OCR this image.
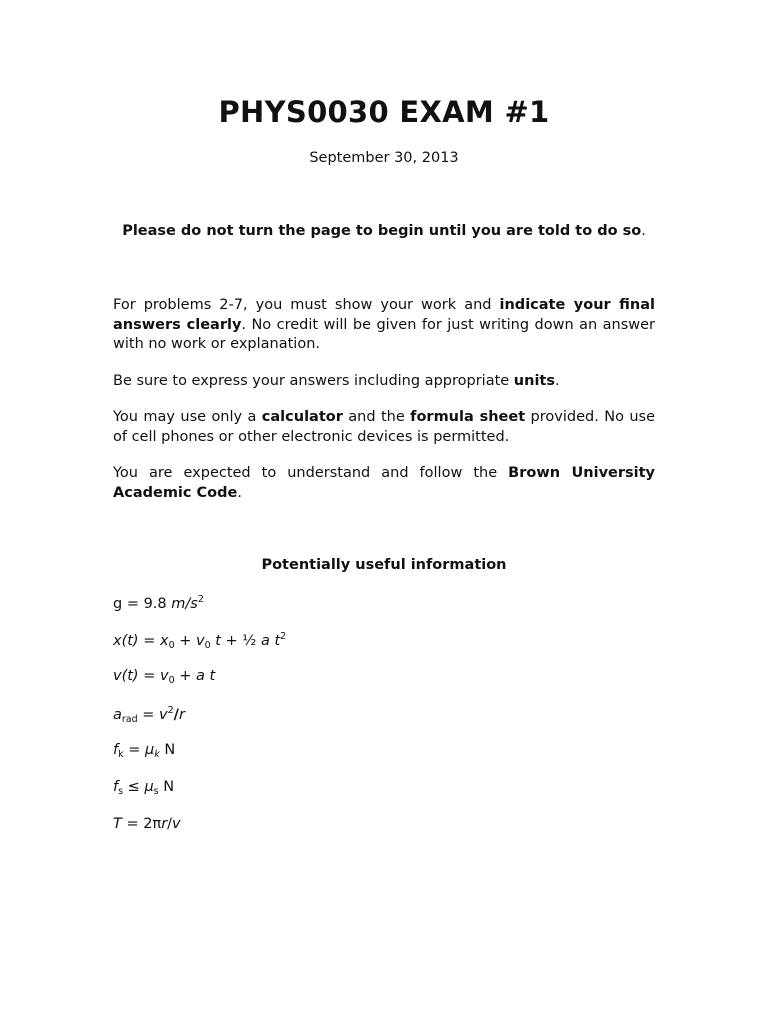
PHYS0030 EXAM #1
September 30, 2013
Please do not turn the page to begin until you are told to do so.
For problems 2-7, you must show your work and indicate your final answers clearly. No credit will be given for just writing down an answer with no work or explanation.
Be sure to express your answers including appropriate units.
You may use only a calculator and the formula sheet provided. No use of cell phones or other electronic devices is permitted.
You are expected to understand and follow the Brown University Academic Code.
Potentially useful information
g = 9.8 $m/s^2$
$x(t) = x_0 + v_0$ t + ½ a $t^2$
$v(t) = v_0 + a$ t
$a_{rad} = v^2/r$
$f_k = \mu_k$ N
$f_s \le \mu_s$ N
T = 2πr/v
